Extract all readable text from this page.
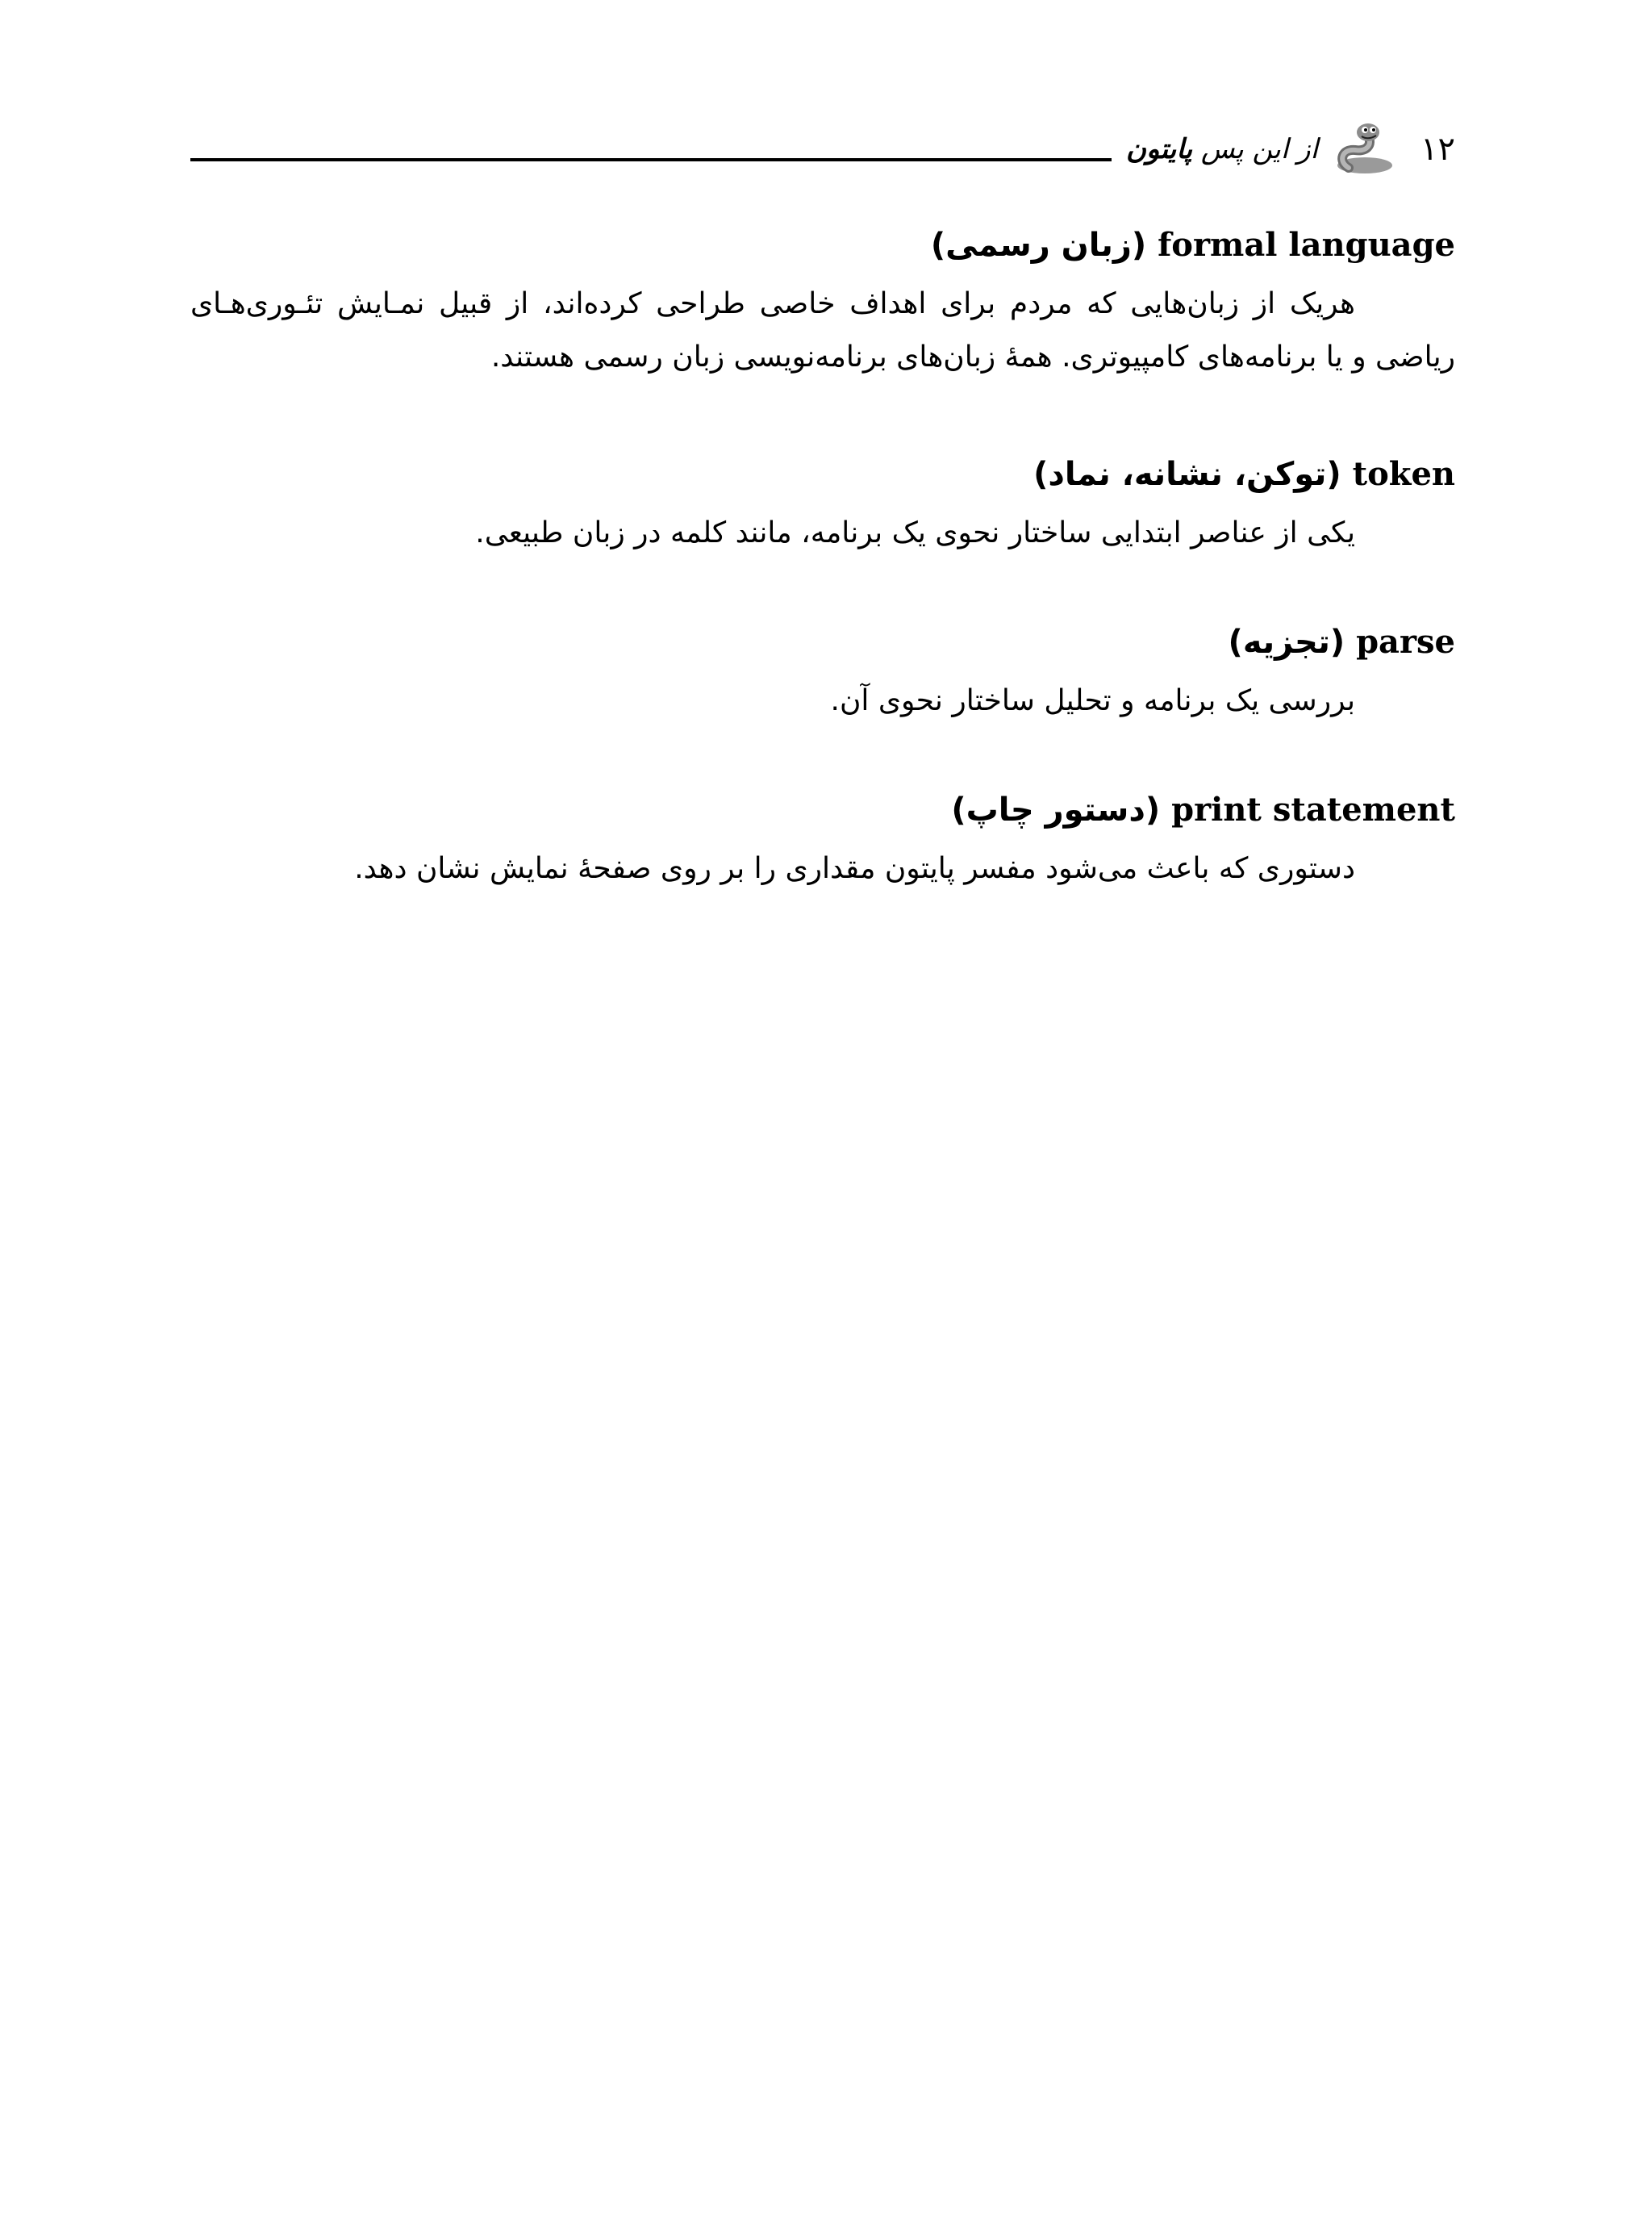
۱۲
از این پس پایتون
formal language (زبان رسمی)
هریک از زبان‌هایی که مردم برای اهداف خاصی طراحی کرده‌اند، از قبیل نمـایش تئـوری‌هـای ریاضی و یا برنامه‌های کامپیوتری. همهٔ زبان‌های برنامه‌نویسی زبان رسمی هستند.
token (توکن، نشانه، نماد)
یکی از عناصر ابتدایی ساختار نحوی یک برنامه، مانند کلمه در زبان طبیعی.
parse (تجزیه)
بررسی یک برنامه و تحلیل ساختار نحوی آن.
print statement (دستور چاپ)
دستوری که باعث می‌شود مفسر پایتون مقداری را بر روی صفحهٔ نمایش نشان دهد.
